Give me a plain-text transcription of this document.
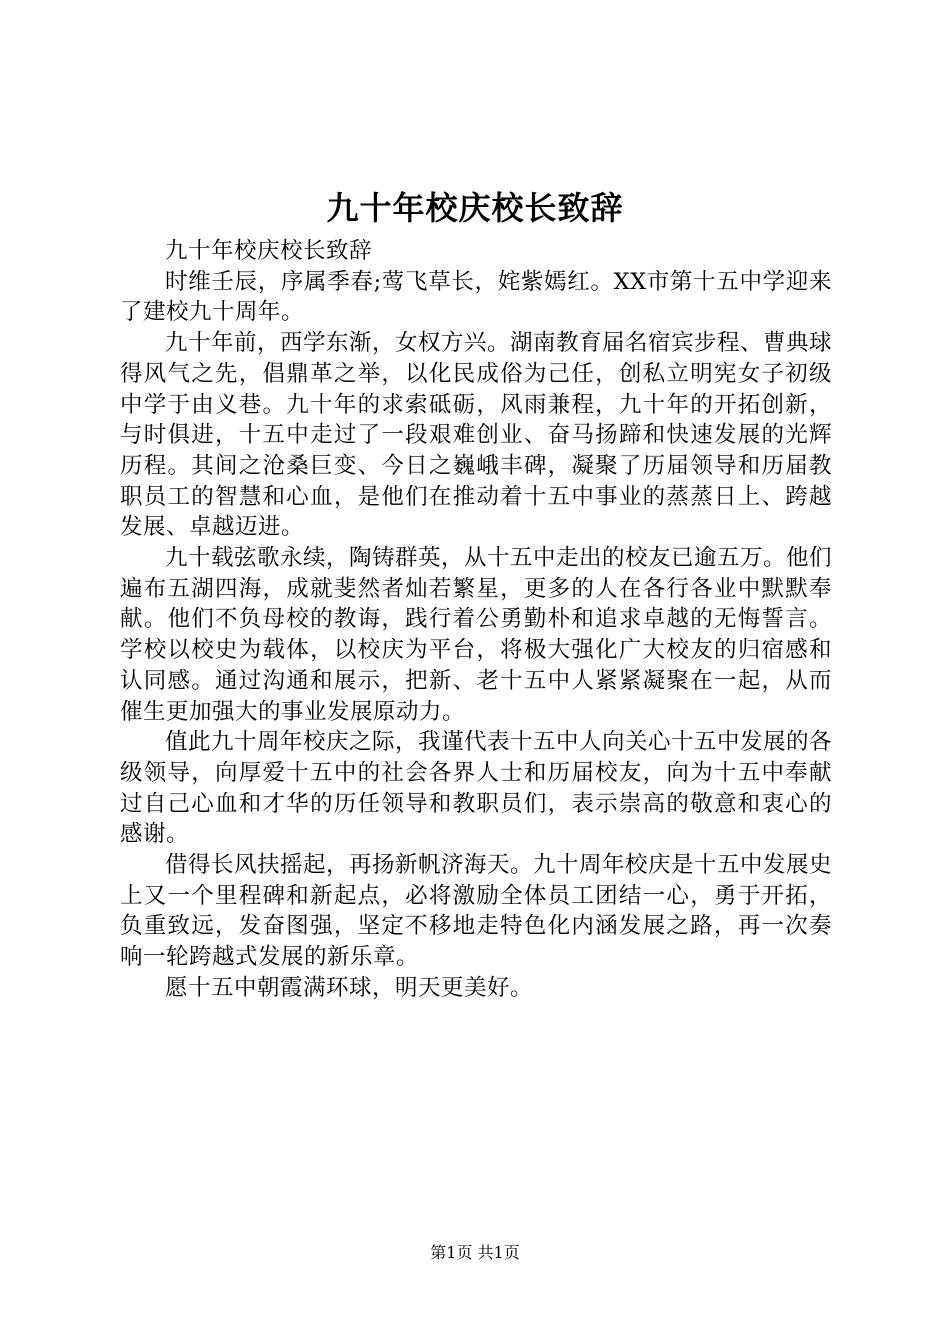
九十年校庆校长致辞

九十年校庆校长致辞

时维壬辰，序属季春;莺飞草长，姹紫嫣红。XX市第十五中学迎来了建校九十周年。

九十年前，西学东渐，女权方兴。湖南教育届名宿宾步程、曹典球得风气之先，倡鼎革之举，以化民成俗为己任，创私立明宪女子初级中学于由义巷。九十年的求索砥砺，风雨兼程，九十年的开拓创新，与时俱进，十五中走过了一段艰难创业、奋马扬蹄和快速发展的光辉历程。其间之沧桑巨变、今日之巍峨丰碑，凝聚了历届领导和历届教职员工的智慧和心血，是他们在推动着十五中事业的蒸蒸日上、跨越发展、卓越迈进。

九十载弦歌永续，陶铸群英，从十五中走出的校友已逾五万。他们遍布五湖四海，成就斐然者灿若繁星，更多的人在各行各业中默默奉献。他们不负母校的教诲，践行着公勇勤朴和追求卓越的无悔誓言。学校以校史为载体，以校庆为平台，将极大强化广大校友的归宿感和认同感。通过沟通和展示，把新、老十五中人紧紧凝聚在一起，从而催生更加强大的事业发展原动力。

值此九十周年校庆之际，我谨代表十五中人向关心十五中发展的各级领导，向厚爱十五中的社会各界人士和历届校友，向为十五中奉献过自己心血和才华的历任领导和教职员们，表示崇高的敬意和衷心的感谢。

借得长风扶摇起，再扬新帆济海天。九十周年校庆是十五中发展史上又一个里程碑和新起点，必将激励全体员工团结一心，勇于开拓，负重致远，发奋图强，坚定不移地走特色化内涵发展之路，再一次奏响一轮跨越式发展的新乐章。

愿十五中朝霞满环球，明天更美好。

第1页 共1页
